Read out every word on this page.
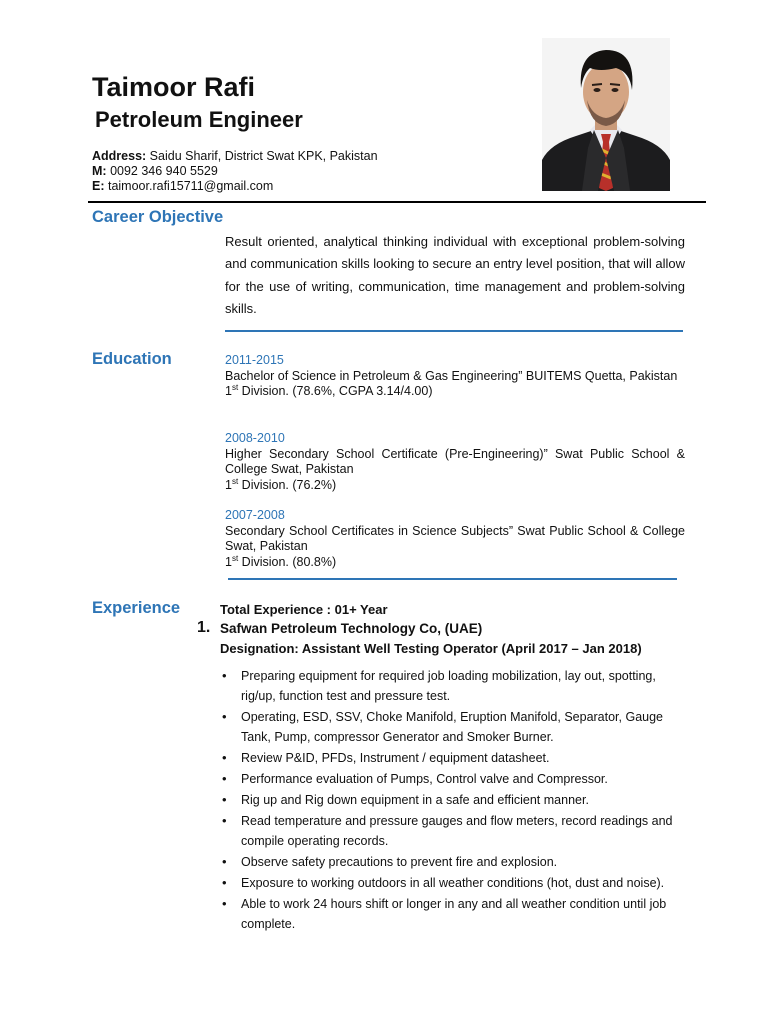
Taimoor Rafi
Petroleum Engineer
Address: Saidu Sharif, District Swat KPK, Pakistan
M: 0092 346 940 5529
E: taimoor.rafi15711@gmail.com
Career Objective
Result oriented, analytical thinking individual with exceptional problem-solving and communication skills looking to secure an entry level position, that will allow for the use of writing, communication, time management and problem-solving skills.
Education	2011-2015
Bachelor of Science in Petroleum & Gas Engineering” BUITEMS Quetta, Pakistan
1st Division. (78.6%, CGPA 3.14/4.00)
2008-2010
Higher Secondary School Certificate (Pre-Engineering)” Swat Public School & College Swat, Pakistan
1st Division. (76.2%)
2007-2008
Secondary School Certificates in Science Subjects” Swat Public School & College Swat, Pakistan
1st Division. (80.8%)
Experience	Total Experience : 01+ Year
1. Safwan Petroleum Technology Co, (UAE)
Designation: Assistant Well Testing Operator (April 2017 – Jan 2018)
• Preparing equipment for required job loading mobilization, lay out, spotting, rig/up, function test and pressure test.
• Operating, ESD, SSV, Choke Manifold, Eruption Manifold, Separator, Gauge Tank, Pump, compressor Generator and Smoker Burner.
• Review P&ID, PFDs, Instrument / equipment datasheet.
• Performance evaluation of Pumps, Control valve and Compressor.
• Rig up and Rig down equipment in a safe and efficient manner.
• Read temperature and pressure gauges and flow meters, record readings and compile operating records.
• Observe safety precautions to prevent fire and explosion.
• Exposure to working outdoors in all weather conditions (hot, dust and noise).
• Able to work 24 hours shift or longer in any and all weather condition until job complete.
